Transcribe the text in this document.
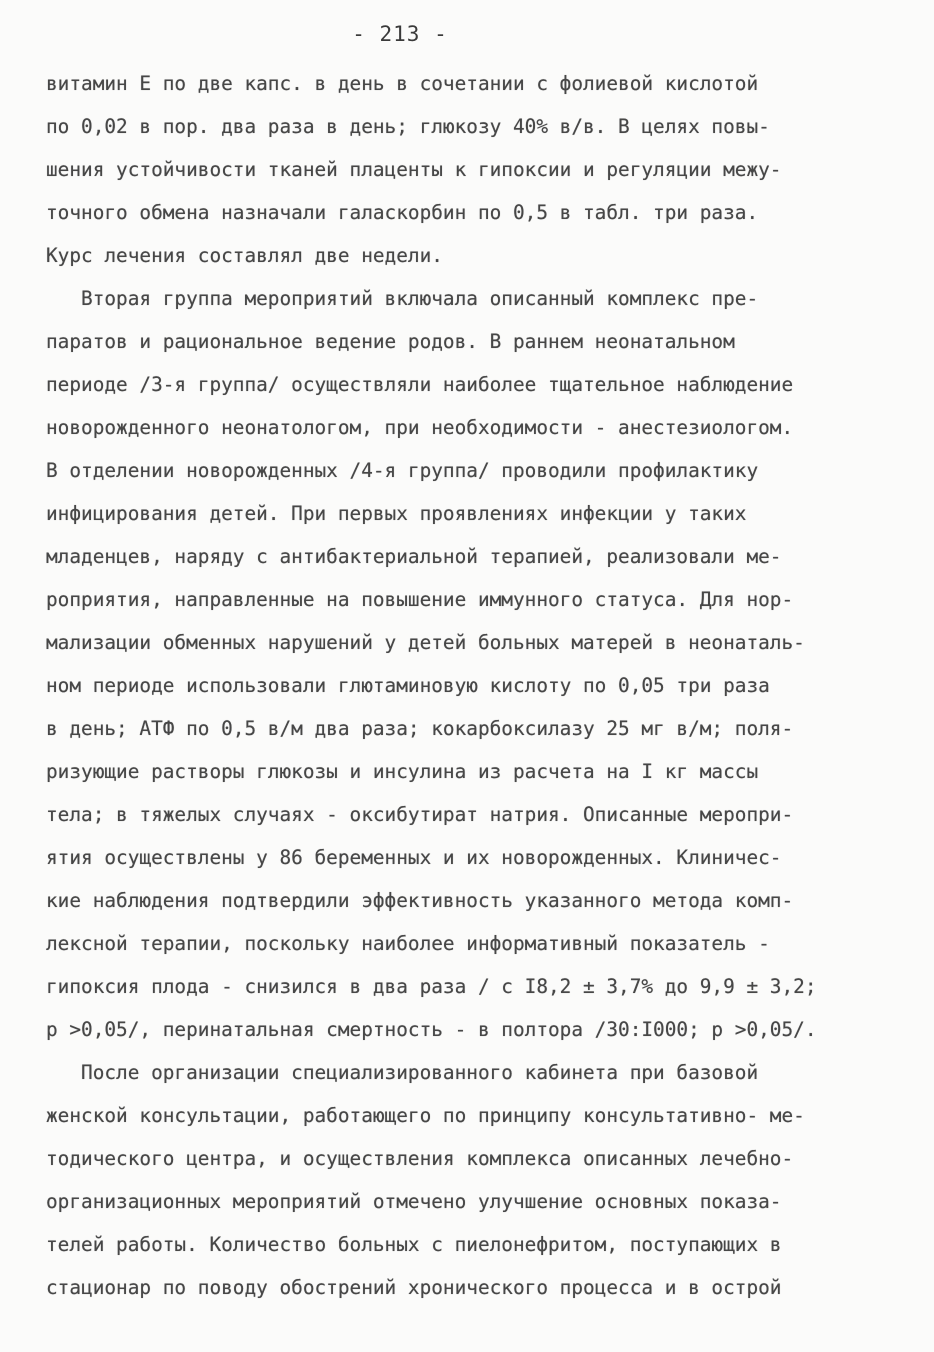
- 213 -
витамин Е по две капс. в день в сочетании с фолиевой кислотой
по 0,02 в пор. два раза в день; глюкозу 40% в/в. В целях повы-
шения устойчивости тканей плаценты к гипоксии и регуляции межу-
точного обмена назначали галаскорбин по 0,5 в табл. три раза.
Курс лечения составлял две недели.
Вторая группа мероприятий включала описанный комплекс пре-
паратов и рациональное ведение родов. В раннем неонатальном
периоде /3-я группа/ осуществляли наиболее тщательное наблюдение
новорожденного неонатологом, при необходимости - анестезиологом.
В отделении новорожденных /4-я группа/ проводили профилактику
инфицирования детей. При первых проявлениях инфекции у таких
младенцев, наряду с антибактериальной терапией, реализовали ме-
роприятия, направленные на повышение иммунного статуса. Для нор-
мализации обменных нарушений у детей больных матерей в неонаталь-
ном периоде использовали глютаминовую кислоту по 0,05 три раза
в день; АТФ по 0,5 в/м два раза; кокарбоксилазу 25 мг в/м; поля-
ризующие растворы глюкозы и инсулина из расчета на I кг массы
тела; в тяжелых случаях - оксибутират натрия. Описанные меропри-
ятия осуществлены у 86 беременных и их новорожденных. Клиничес-
кие наблюдения подтвердили эффективность указанного метода комп-
лексной терапии, поскольку наиболее информативный показатель -
гипоксия плода - снизился в два раза / с I8,2 ± 3,7% до 9,9 ± 3,2;
р >0,05/, перинатальная смертность - в полтора /30:I000; р >0,05/.
После организации специализированного кабинета при базовой
женской консультации, работающего по принципу консультативно- ме-
тодического центра, и осуществления комплекса описанных лечебно-
организационных мероприятий отмечено улучшение основных показа-
телей работы. Количество больных с пиелонефритом, поступающих в
стационар по поводу обострений хронического процесса и в острой
